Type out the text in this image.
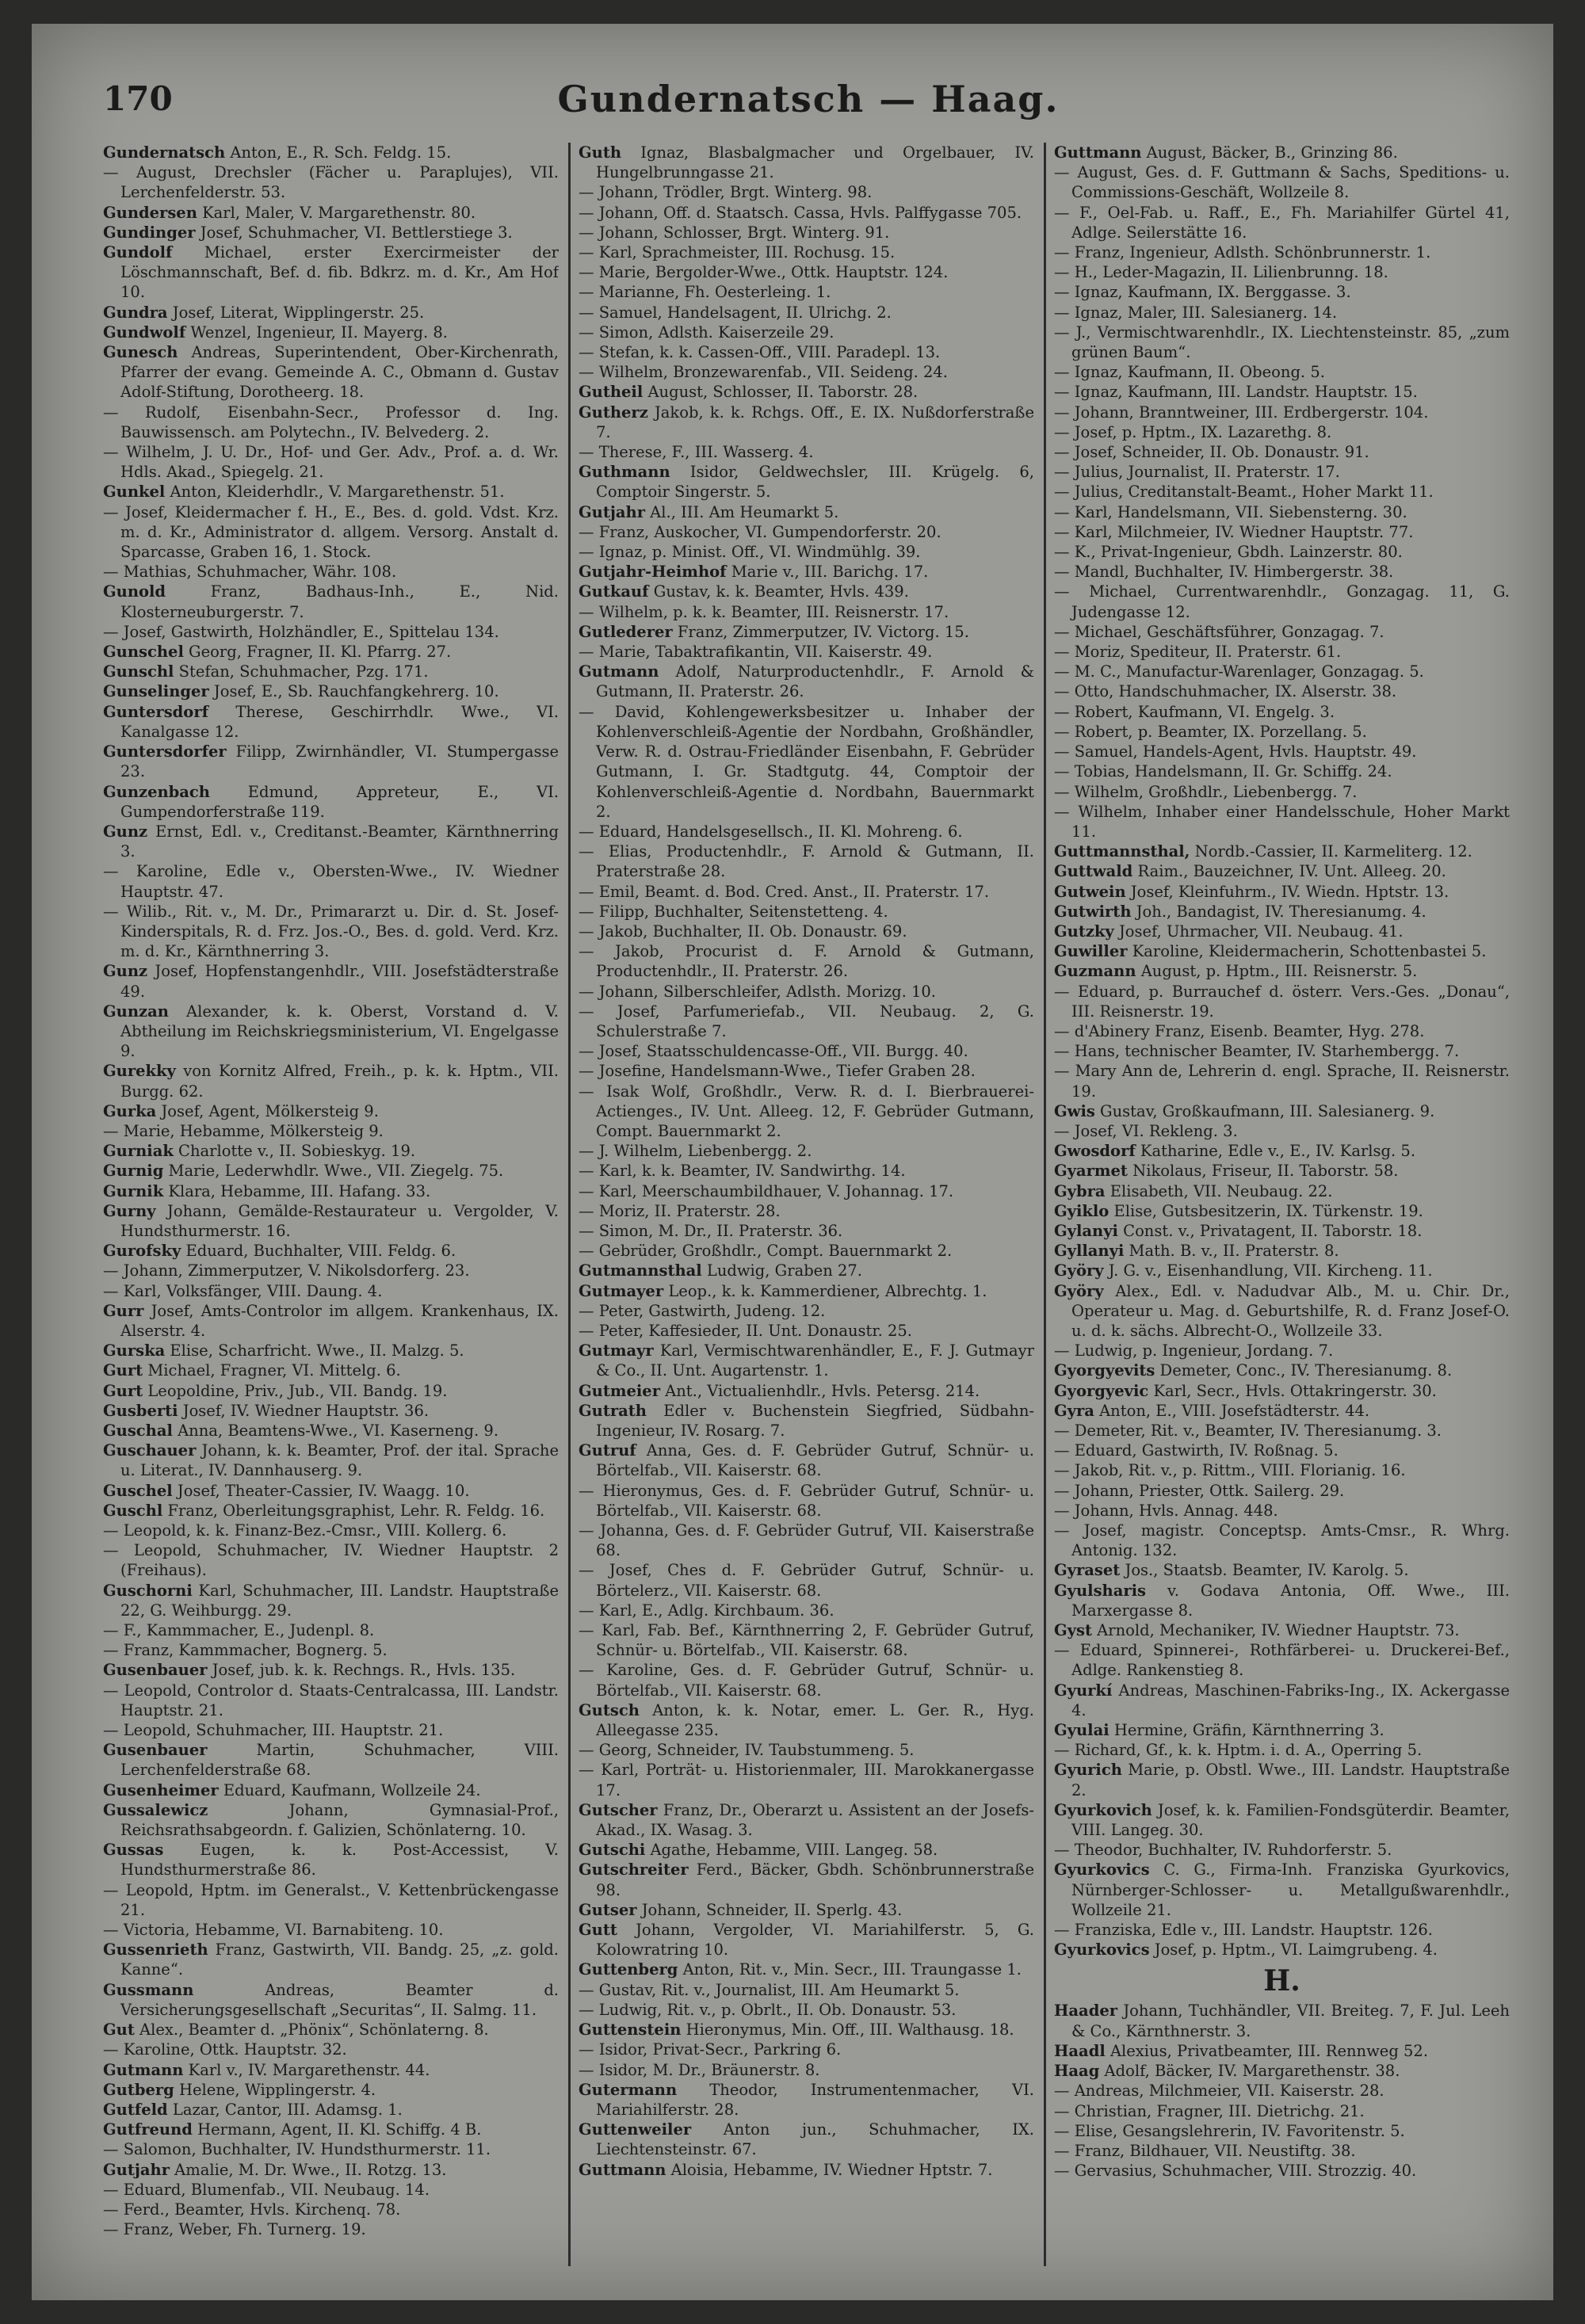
170	Gundernatsch — Haag.

Gundernatsch Anton, E., R. Sch. Feldg. 15.

— August, Drechsler (Fächer u. Paraplujes), VII. Lerchenfelderstr. 53.

Gundersen Karl, Maler, V. Margarethenstr. 80.

Gundinger Josef, Schuhmacher, VI. Bettlerstiege 3.

Gundolf Michael, erster Exercirmeister der Löschmannschaft, Bef. d. fib. Bdkrz. m. d. Kr., Am Hof 10.

Gundra Josef, Literat, Wipplingerstr. 25.

Gundwolf Wenzel, Ingenieur, II. Mayerg. 8.

Gunesch Andreas, Superintendent, Ober-Kirchenrath, Pfarrer der evang. Gemeinde A. C., Obmann d. Gustav Adolf-Stiftung, Dorotheerg. 18.

— Rudolf, Eisenbahn-Secr., Professor d. Ing. Bauwissensch. am Polytechn., IV. Belvederg. 2.

— Wilhelm, J. U. Dr., Hof- und Ger. Adv., Prof. a. d. Wr. Hdls. Akad., Spiegelg. 21.

Gunkel Anton, Kleiderhdlr., V. Margarethenstr. 51.

— Josef, Kleidermacher f. H., E., Bes. d. gold. Vdst. Krz. m. d. Kr., Administrator d. allgem. Versorg. Anstalt d. Sparcasse, Graben 16, 1. Stock.

— Mathias, Schuhmacher, Währ. 108.

Gunold Franz, Badhaus-Inh., E., Nid. Klosterneuburgerstr. 7.

— Josef, Gastwirth, Holzhändler, E., Spittelau 134.

Gunschel Georg, Fragner, II. Kl. Pfarrg. 27.

Gunschl Stefan, Schuhmacher, Pzg. 171.

Gunselinger Josef, E., Sb. Rauchfangkehrerg. 10.

Guntersdorf Therese, Geschirrhdlr. Wwe., VI. Kanalgasse 12.

Guntersdorfer Filipp, Zwirnhändler, VI. Stumpergasse 23.

Gunzenbach Edmund, Appreteur, E., VI. Gumpendorferstraße 119.

Gunz Ernst, Edl. v., Creditanst.-Beamter, Kärnthnerring 3.

— Karoline, Edle v., Obersten-Wwe., IV. Wiedner Hauptstr. 47.

— Wilib., Rit. v., M. Dr., Primararzt u. Dir. d. St. Josef-Kinderspitals, R. d. Frz. Jos.-O., Bes. d. gold. Verd. Krz. m. d. Kr., Kärnthnerring 3.

Gunz Josef, Hopfenstangenhdlr., VIII. Josefstädterstraße 49.

Gunzan Alexander, k. k. Oberst, Vorstand d. V. Abtheilung im Reichskriegsministerium, VI. Engelgasse 9.

Gurekky von Kornitz Alfred, Freih., p. k. k. Hptm., VII. Burgg. 62.

Gurka Josef, Agent, Mölkersteig 9.

— Marie, Hebamme, Mölkersteig 9.

Gurniak Charlotte v., II. Sobieskyg. 19.

Gurnig Marie, Lederwhdlr. Wwe., VII. Ziegelg. 75.

Gurnik Klara, Hebamme, III. Hafang. 33.

Gurny Johann, Gemälde-Restaurateur u. Vergolder, V. Hundsthurmerstr. 16.

Gurofsky Eduard, Buchhalter, VIII. Feldg. 6.

— Johann, Zimmerputzer, V. Nikolsdorferg. 23.

— Karl, Volksfänger, VIII. Daung. 4.

Gurr Josef, Amts-Controlor im allgem. Krankenhaus, IX. Alserstr. 4.

Gurska Elise, Scharfricht. Wwe., II. Malzg. 5.

Gurt Michael, Fragner, VI. Mittelg. 6.

Gurt Leopoldine, Priv., Jub., VII. Bandg. 19.

Gusberti Josef, IV. Wiedner Hauptstr. 36.

Guschal Anna, Beamtens-Wwe., VI. Kaserneng. 9.

Guschauer Johann, k. k. Beamter, Prof. der ital. Sprache u. Literat., IV. Dannhauserg. 9.

Guschel Josef, Theater-Cassier, IV. Waagg. 10.

Guschl Franz, Oberleitungsgraphist, Lehr. R. Feldg. 16.

— Leopold, k. k. Finanz-Bez.-Cmsr., VIII. Kollerg. 6.

— Leopold, Schuhmacher, IV. Wiedner Hauptstr. 2 (Freihaus).

Guschorni Karl, Schuhmacher, III. Landstr. Hauptstraße 22, G. Weihburgg. 29.

— F., Kammmacher, E., Judenpl. 8.

— Franz, Kammmacher, Bognerg. 5.

Gusenbauer Josef, jub. k. k. Rechngs. R., Hvls. 135.

— Leopold, Controlor d. Staats-Centralcassa, III. Landstr. Hauptstr. 21.

— Leopold, Schuhmacher, III. Hauptstr. 21.

Gusenbauer Martin, Schuhmacher, VIII. Lerchenfelderstraße 68.

Gusenheimer Eduard, Kaufmann, Wollzeile 24.

Gussalewicz Johann, Gymnasial-Prof., Reichsrathsabgeordn. f. Galizien, Schönlaterng. 10.

Gussas Eugen, k. k. Post-Accessist, V. Hundsthurmerstraße 86.

— Leopold, Hptm. im Generalst., V. Kettenbrückengasse 21.

— Victoria, Hebamme, VI. Barnabiteng. 10.

Gussenrieth Franz, Gastwirth, VII. Bandg. 25, „z. gold. Kanne“.

Gussmann Andreas, Beamter d. Versicherungsgesellschaft „Securitas“, II. Salmg. 11.

Gut Alex., Beamter d. „Phönix“, Schönlaterng. 8.

— Karoline, Ottk. Hauptstr. 32.

Gutmann Karl v., IV. Margarethenstr. 44.

Gutberg Helene, Wipplingerstr. 4.

Gutfeld Lazar, Cantor, III. Adamsg. 1.

Gutfreund Hermann, Agent, II. Kl. Schiffg. 4 B.

— Salomon, Buchhalter, IV. Hundsthurmerstr. 11.

Gutjahr Amalie, M. Dr. Wwe., II. Rotzg. 13.

— Eduard, Blumenfab., VII. Neubaug. 14.

— Ferd., Beamter, Hvls. Kirchenq. 78.

— Franz, Weber, Fh. Turnerg. 19.

Guth Ignaz, Blasbalgmacher und Orgelbauer, IV. Hungelbrunngasse 21.

— Johann, Trödler, Brgt. Winterg. 98.

— Johann, Off. d. Staatsch. Cassa, Hvls. Palffygasse 705.

— Johann, Schlosser, Brgt. Winterg. 91.

— Karl, Sprachmeister, III. Rochusg. 15.

— Marie, Bergolder-Wwe., Ottk. Hauptstr. 124.

— Marianne, Fh. Oesterleing. 1.

— Samuel, Handelsagent, II. Ulrichg. 2.

— Simon, Adlsth. Kaiserzeile 29.

— Stefan, k. k. Cassen-Off., VIII. Paradepl. 13.

— Wilhelm, Bronzewarenfab., VII. Seideng. 24.

Gutheil August, Schlosser, II. Taborstr. 28.

Gutherz Jakob, k. k. Rchgs. Off., E. IX. Nußdorferstraße 7.

— Therese, F., III. Wasserg. 4.

Guthmann Isidor, Geldwechsler, III. Krügelg. 6, Comptoir Singerstr. 5.

Gutjahr Al., III. Am Heumarkt 5.

— Franz, Auskocher, VI. Gumpendorferstr. 20.

— Ignaz, p. Minist. Off., VI. Windmühlg. 39.

Gutjahr-Heimhof Marie v., III. Barichg. 17.

Gutkauf Gustav, k. k. Beamter, Hvls. 439.

— Wilhelm, p. k. k. Beamter, III. Reisnerstr. 17.

Gutlederer Franz, Zimmerputzer, IV. Victorg. 15.

— Marie, Tabaktrafikantin, VII. Kaiserstr. 49.

Gutmann Adolf, Naturproductenhdlr., F. Arnold & Gutmann, II. Praterstr. 26.

— David, Kohlengewerksbesitzer u. Inhaber der Kohlenverschleiß-Agentie der Nordbahn, Großhändler, Verw. R. d. Ostrau-Friedländer Eisenbahn, F. Gebrüder Gutmann, I. Gr. Stadtgutg. 44, Comptoir der Kohlenverschleiß-Agentie d. Nordbahn, Bauernmarkt 2.

— Eduard, Handelsgesellsch., II. Kl. Mohreng. 6.

— Elias, Productenhdlr., F. Arnold & Gutmann, II. Praterstraße 28.

— Emil, Beamt. d. Bod. Cred. Anst., II. Praterstr. 17.

— Filipp, Buchhalter, Seitenstetteng. 4.

— Jakob, Buchhalter, II. Ob. Donaustr. 69.

— Jakob, Procurist d. F. Arnold & Gutmann, Productenhdlr., II. Praterstr. 26.

— Johann, Silberschleifer, Adlsth. Morizg. 10.

— Josef, Parfumeriefab., VII. Neubaug. 2, G. Schulerstraße 7.

— Josef, Staatsschuldencasse-Off., VII. Burgg. 40.

— Josefine, Handelsmann-Wwe., Tiefer Graben 28.

— Isak Wolf, Großhdlr., Verw. R. d. I. Bierbrauerei-Actienges., IV. Unt. Alleeg. 12, F. Gebrüder Gutmann, Compt. Bauernmarkt 2.

— J. Wilhelm, Liebenbergg. 2.

— Karl, k. k. Beamter, IV. Sandwirthg. 14.

— Karl, Meerschaumbildhauer, V. Johannag. 17.

— Moriz, II. Praterstr. 28.

— Simon, M. Dr., II. Praterstr. 36.

— Gebrüder, Großhdlr., Compt. Bauernmarkt 2.

Gutmannsthal Ludwig, Graben 27.

Gutmayer Leop., k. k. Kammerdiener, Albrechtg. 1.

— Peter, Gastwirth, Judeng. 12.

— Peter, Kaffesieder, II. Unt. Donaustr. 25.

Gutmayr Karl, Vermischtwarenhändler, E., F. J. Gutmayr & Co., II. Unt. Augartenstr. 1.

Gutmeier Ant., Victualienhdlr., Hvls. Petersg. 214.

Gutrath Edler v. Buchenstein Siegfried, Südbahn-Ingenieur, IV. Rosarg. 7.

Gutruf Anna, Ges. d. F. Gebrüder Gutruf, Schnür- u. Börtelfab., VII. Kaiserstr. 68.

— Hieronymus, Ges. d. F. Gebrüder Gutruf, Schnür- u. Börtelfab., VII. Kaiserstr. 68.

— Johanna, Ges. d. F. Gebrüder Gutruf, VII. Kaiserstraße 68.

— Josef, Ches d. F. Gebrüder Gutruf, Schnür- u. Börtelerz., VII. Kaiserstr. 68.

— Karl, E., Adlg. Kirchbaum. 36.

— Karl, Fab. Bef., Kärnthnerring 2, F. Gebrüder Gutruf, Schnür- u. Börtelfab., VII. Kaiserstr. 68.

— Karoline, Ges. d. F. Gebrüder Gutruf, Schnür- u. Börtelfab., VII. Kaiserstr. 68.

Gutsch Anton, k. k. Notar, emer. L. Ger. R., Hyg. Alleegasse 235.

— Georg, Schneider, IV. Taubstummeng. 5.

— Karl, Porträt- u. Historienmaler, III. Marokkanergasse 17.

Gutscher Franz, Dr., Oberarzt u. Assistent an der Josefs-Akad., IX. Wasag. 3.

Gutschi Agathe, Hebamme, VIII. Langeg. 58.

Gutschreiter Ferd., Bäcker, Gbdh. Schönbrunnerstraße 98.

Gutser Johann, Schneider, II. Sperlg. 43.

Gutt Johann, Vergolder, VI. Mariahilferstr. 5, G. Kolowratring 10.

Guttenberg Anton, Rit. v., Min. Secr., III. Traungasse 1.

— Gustav, Rit. v., Journalist, III. Am Heumarkt 5.

— Ludwig, Rit. v., p. Obrlt., II. Ob. Donaustr. 53.

Guttenstein Hieronymus, Min. Off., III. Walthausg. 18.

— Isidor, Privat-Secr., Parkring 6.

— Isidor, M. Dr., Bräunerstr. 8.

Gutermann Theodor, Instrumentenmacher, VI. Mariahilferstr. 28.

Guttenweiler Anton jun., Schuhmacher, IX. Liechtensteinstr. 67.

Guttmann Aloisia, Hebamme, IV. Wiedner Hptstr. 7.

Guttmann August, Bäcker, B., Grinzing 86.

— August, Ges. d. F. Guttmann & Sachs, Speditions- u. Commissions-Geschäft, Wollzeile 8.

— F., Oel-Fab. u. Raff., E., Fh. Mariahilfer Gürtel 41, Adlge. Seilerstätte 16.

— Franz, Ingenieur, Adlsth. Schönbrunnerstr. 1.

— H., Leder-Magazin, II. Lilienbrunng. 18.

— Ignaz, Kaufmann, IX. Berggasse. 3.

— Ignaz, Maler, III. Salesianerg. 14.

— J., Vermischtwarenhdlr., IX. Liechtensteinstr. 85, „zum grünen Baum“.

— Ignaz, Kaufmann, II. Obeong. 5.

— Ignaz, Kaufmann, III. Landstr. Hauptstr. 15.

— Johann, Branntweiner, III. Erdbergerstr. 104.

— Josef, p. Hptm., IX. Lazarethg. 8.

— Josef, Schneider, II. Ob. Donaustr. 91.

— Julius, Journalist, II. Praterstr. 17.

— Julius, Creditanstalt-Beamt., Hoher Markt 11.

— Karl, Handelsmann, VII. Siebensterng. 30.

— Karl, Milchmeier, IV. Wiedner Hauptstr. 77.

— K., Privat-Ingenieur, Gbdh. Lainzerstr. 80.

— Mandl, Buchhalter, IV. Himbergerstr. 38.

— Michael, Currentwarenhdlr., Gonzagag. 11, G. Judengasse 12.

— Michael, Geschäftsführer, Gonzagag. 7.

— Moriz, Spediteur, II. Praterstr. 61.

— M. C., Manufactur-Warenlager, Gonzagag. 5.

— Otto, Handschuhmacher, IX. Alserstr. 38.

— Robert, Kaufmann, VI. Engelg. 3.

— Robert, p. Beamter, IX. Porzellang. 5.

— Samuel, Handels-Agent, Hvls. Hauptstr. 49.

— Tobias, Handelsmann, II. Gr. Schiffg. 24.

— Wilhelm, Großhdlr., Liebenbergg. 7.

— Wilhelm, Inhaber einer Handelsschule, Hoher Markt 11.

Guttmannsthal, Nordb.-Cassier, II. Karmeliterg. 12.

Guttwald Raim., Bauzeichner, IV. Unt. Alleeg. 20.

Gutwein Josef, Kleinfuhrm., IV. Wiedn. Hptstr. 13.

Gutwirth Joh., Bandagist, IV. Theresianumg. 4.

Gutzky Josef, Uhrmacher, VII. Neubaug. 41.

Guwiller Karoline, Kleidermacherin, Schottenbastei 5.

Guzmann August, p. Hptm., III. Reisnerstr. 5.

— Eduard, p. Burrauchef d. österr. Vers.-Ges. „Donau“, III. Reisnerstr. 19.

— d'Abinery Franz, Eisenb. Beamter, Hyg. 278.

— Hans, technischer Beamter, IV. Starhembergg. 7.

— Mary Ann de, Lehrerin d. engl. Sprache, II. Reisnerstr. 19.

Gwis Gustav, Großkaufmann, III. Salesianerg. 9.

— Josef, VI. Rekleng. 3.

Gwosdorf Katharine, Edle v., E., IV. Karlsg. 5.

Gyarmet Nikolaus, Friseur, II. Taborstr. 58.

Gybra Elisabeth, VII. Neubaug. 22.

Gyiklo Elise, Gutsbesitzerin, IX. Türkenstr. 19.

Gylanyi Const. v., Privatagent, II. Taborstr. 18.

Gyllanyi Math. B. v., II. Praterstr. 8.

Györy J. G. v., Eisenhandlung, VII. Kircheng. 11.

Györy Alex., Edl. v. Nadudvar Alb., M. u. Chir. Dr., Operateur u. Mag. d. Geburtshilfe, R. d. Franz Josef-O. u. d. k. sächs. Albrecht-O., Wollzeile 33.

— Ludwig, p. Ingenieur, Jordang. 7.

Gyorgyevits Demeter, Conc., IV. Theresianumg. 8.

Gyorgyevic Karl, Secr., Hvls. Ottakringerstr. 30.

Gyra Anton, E., VIII. Josefstädterstr. 44.

— Demeter, Rit. v., Beamter, IV. Theresianumg. 3.

— Eduard, Gastwirth, IV. Roßnag. 5.

— Jakob, Rit. v., p. Rittm., VIII. Florianig. 16.

— Johann, Priester, Ottk. Sailerg. 29.

— Johann, Hvls. Annag. 448.

— Josef, magistr. Conceptsp. Amts-Cmsr., R. Whrg. Antonig. 132.

Gyraset Jos., Staatsb. Beamter, IV. Karolg. 5.

Gyulsharis v. Godava Antonia, Off. Wwe., III. Marxergasse 8.

Gyst Arnold, Mechaniker, IV. Wiedner Hauptstr. 73.

— Eduard, Spinnerei-, Rothfärberei- u. Druckerei-Bef., Adlge. Rankenstieg 8.

Gyurkí Andreas, Maschinen-Fabriks-Ing., IX. Ackergasse 4.

Gyulai Hermine, Gräfin, Kärnthnerring 3.

— Richard, Gf., k. k. Hptm. i. d. A., Operring 5.

Gyurich Marie, p. Obstl. Wwe., III. Landstr. Hauptstraße 2.

Gyurkovich Josef, k. k. Familien-Fondsgüterdir. Beamter, VIII. Langeg. 30.

— Theodor, Buchhalter, IV. Ruhdorferstr. 5.

Gyurkovics C. G., Firma-Inh. Franziska Gyurkovics, Nürnberger-Schlosser- u. Metallgußwarenhdlr., Wollzeile 21.

— Franziska, Edle v., III. Landstr. Hauptstr. 126.

Gyurkovics Josef, p. Hptm., VI. Laimgrubeng. 4.

H.

Haader Johann, Tuchhändler, VII. Breiteg. 7, F. Jul. Leeh & Co., Kärnthnerstr. 3.

Haadl Alexius, Privatbeamter, III. Rennweg 52.

Haag Adolf, Bäcker, IV. Margarethenstr. 38.

— Andreas, Milchmeier, VII. Kaiserstr. 28.

— Christian, Fragner, III. Dietrichg. 21.

— Elise, Gesangslehrerin, IV. Favoritenstr. 5.

— Franz, Bildhauer, VII. Neustiftg. 38.

— Gervasius, Schuhmacher, VIII. Strozzig. 40.
